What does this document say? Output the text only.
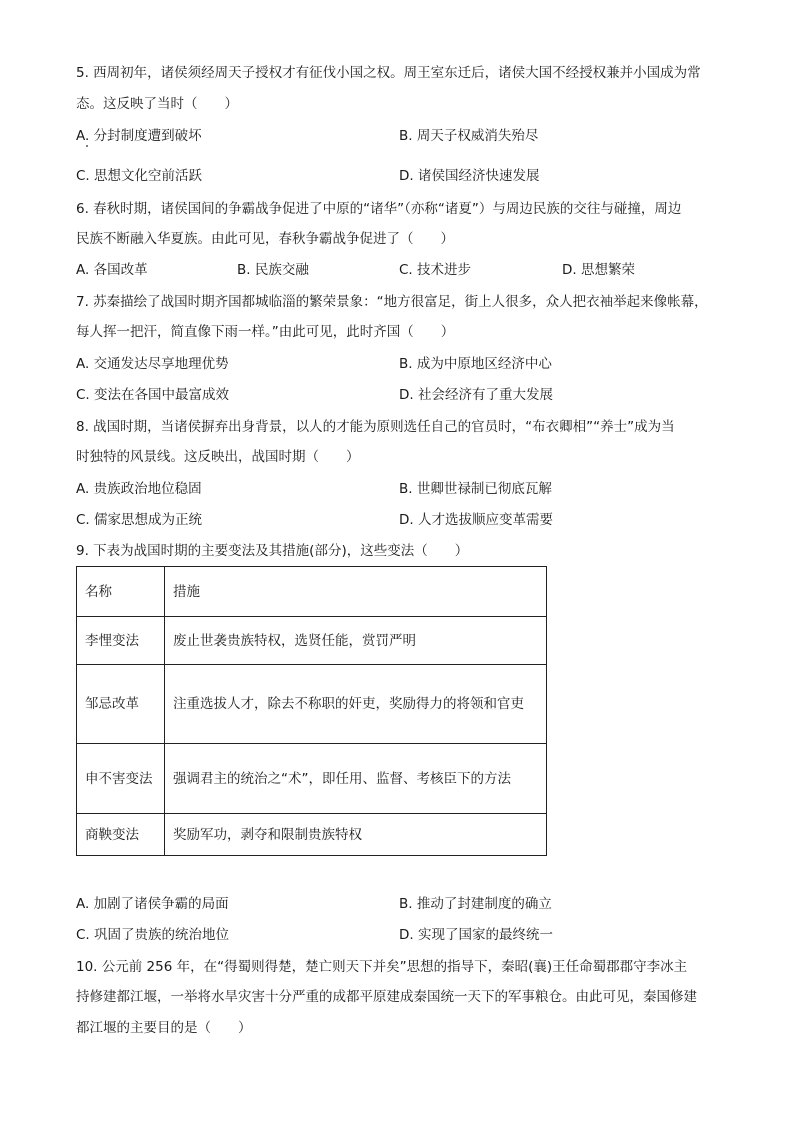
5. 西周初年，诸侯须经周天子授权才有征伐小国之权。周王室东迁后，诸侯大国不经授权兼并小国成为常
态。这反映了当时（　　）
A. 分封制度遭到破坏	B. 周天子权威消失殆尽
C. 思想文化空前活跃	D. 诸侯国经济快速发展
6. 春秋时期，诸侯国间的争霸战争促进了中原的“诸华”（亦称“诸夏”）与周边民族的交往与碰撞，周边
民族不断融入华夏族。由此可见，春秋争霸战争促进了（　　）
A. 各国改革	B. 民族交融	C. 技术进步	D. 思想繁荣
7. 苏秦描绘了战国时期齐国都城临淄的繁荣景象：“地方很富足，街上人很多，众人把衣袖举起来像帐幕，
每人挥一把汗，简直像下雨一样。”由此可见，此时齐国（　　）
A. 交通发达尽享地理优势	B. 成为中原地区经济中心
C. 变法在各国中最富成效	D. 社会经济有了重大发展
8. 战国时期，当诸侯摒弃出身背景，以人的才能为原则选任自己的官员时，“布衣卿相”“养士”成为当
时独特的风景线。这反映出，战国时期（　　）
A. 贵族政治地位稳固	B. 世卿世禄制已彻底瓦解
C. 儒家思想成为正统	D. 人才选拔顺应变革需要
9. 下表为战国时期的主要变法及其措施(部分)，这些变法（　　）
名称	措施
李悝变法	废止世袭贵族特权，选贤任能，赏罚严明
邹忌改革	注重选拔人才，除去不称职的奸吏，奖励得力的将领和官吏
申不害变法	强调君主的统治之“术”，即任用、监督、考核臣下的方法
商鞅变法	奖励军功，剥夺和限制贵族特权
A. 加剧了诸侯争霸的局面	B. 推动了封建制度的确立
C. 巩固了贵族的统治地位	D. 实现了国家的最终统一
10. 公元前 256 年，在“得蜀则得楚，楚亡则天下并矣”思想的指导下，秦昭(襄)王任命蜀郡郡守李冰主
持修建都江堰，一举将水旱灾害十分严重的成都平原建成秦国统一天下的军事粮仓。由此可见，秦国修建
都江堰的主要目的是（　　）
